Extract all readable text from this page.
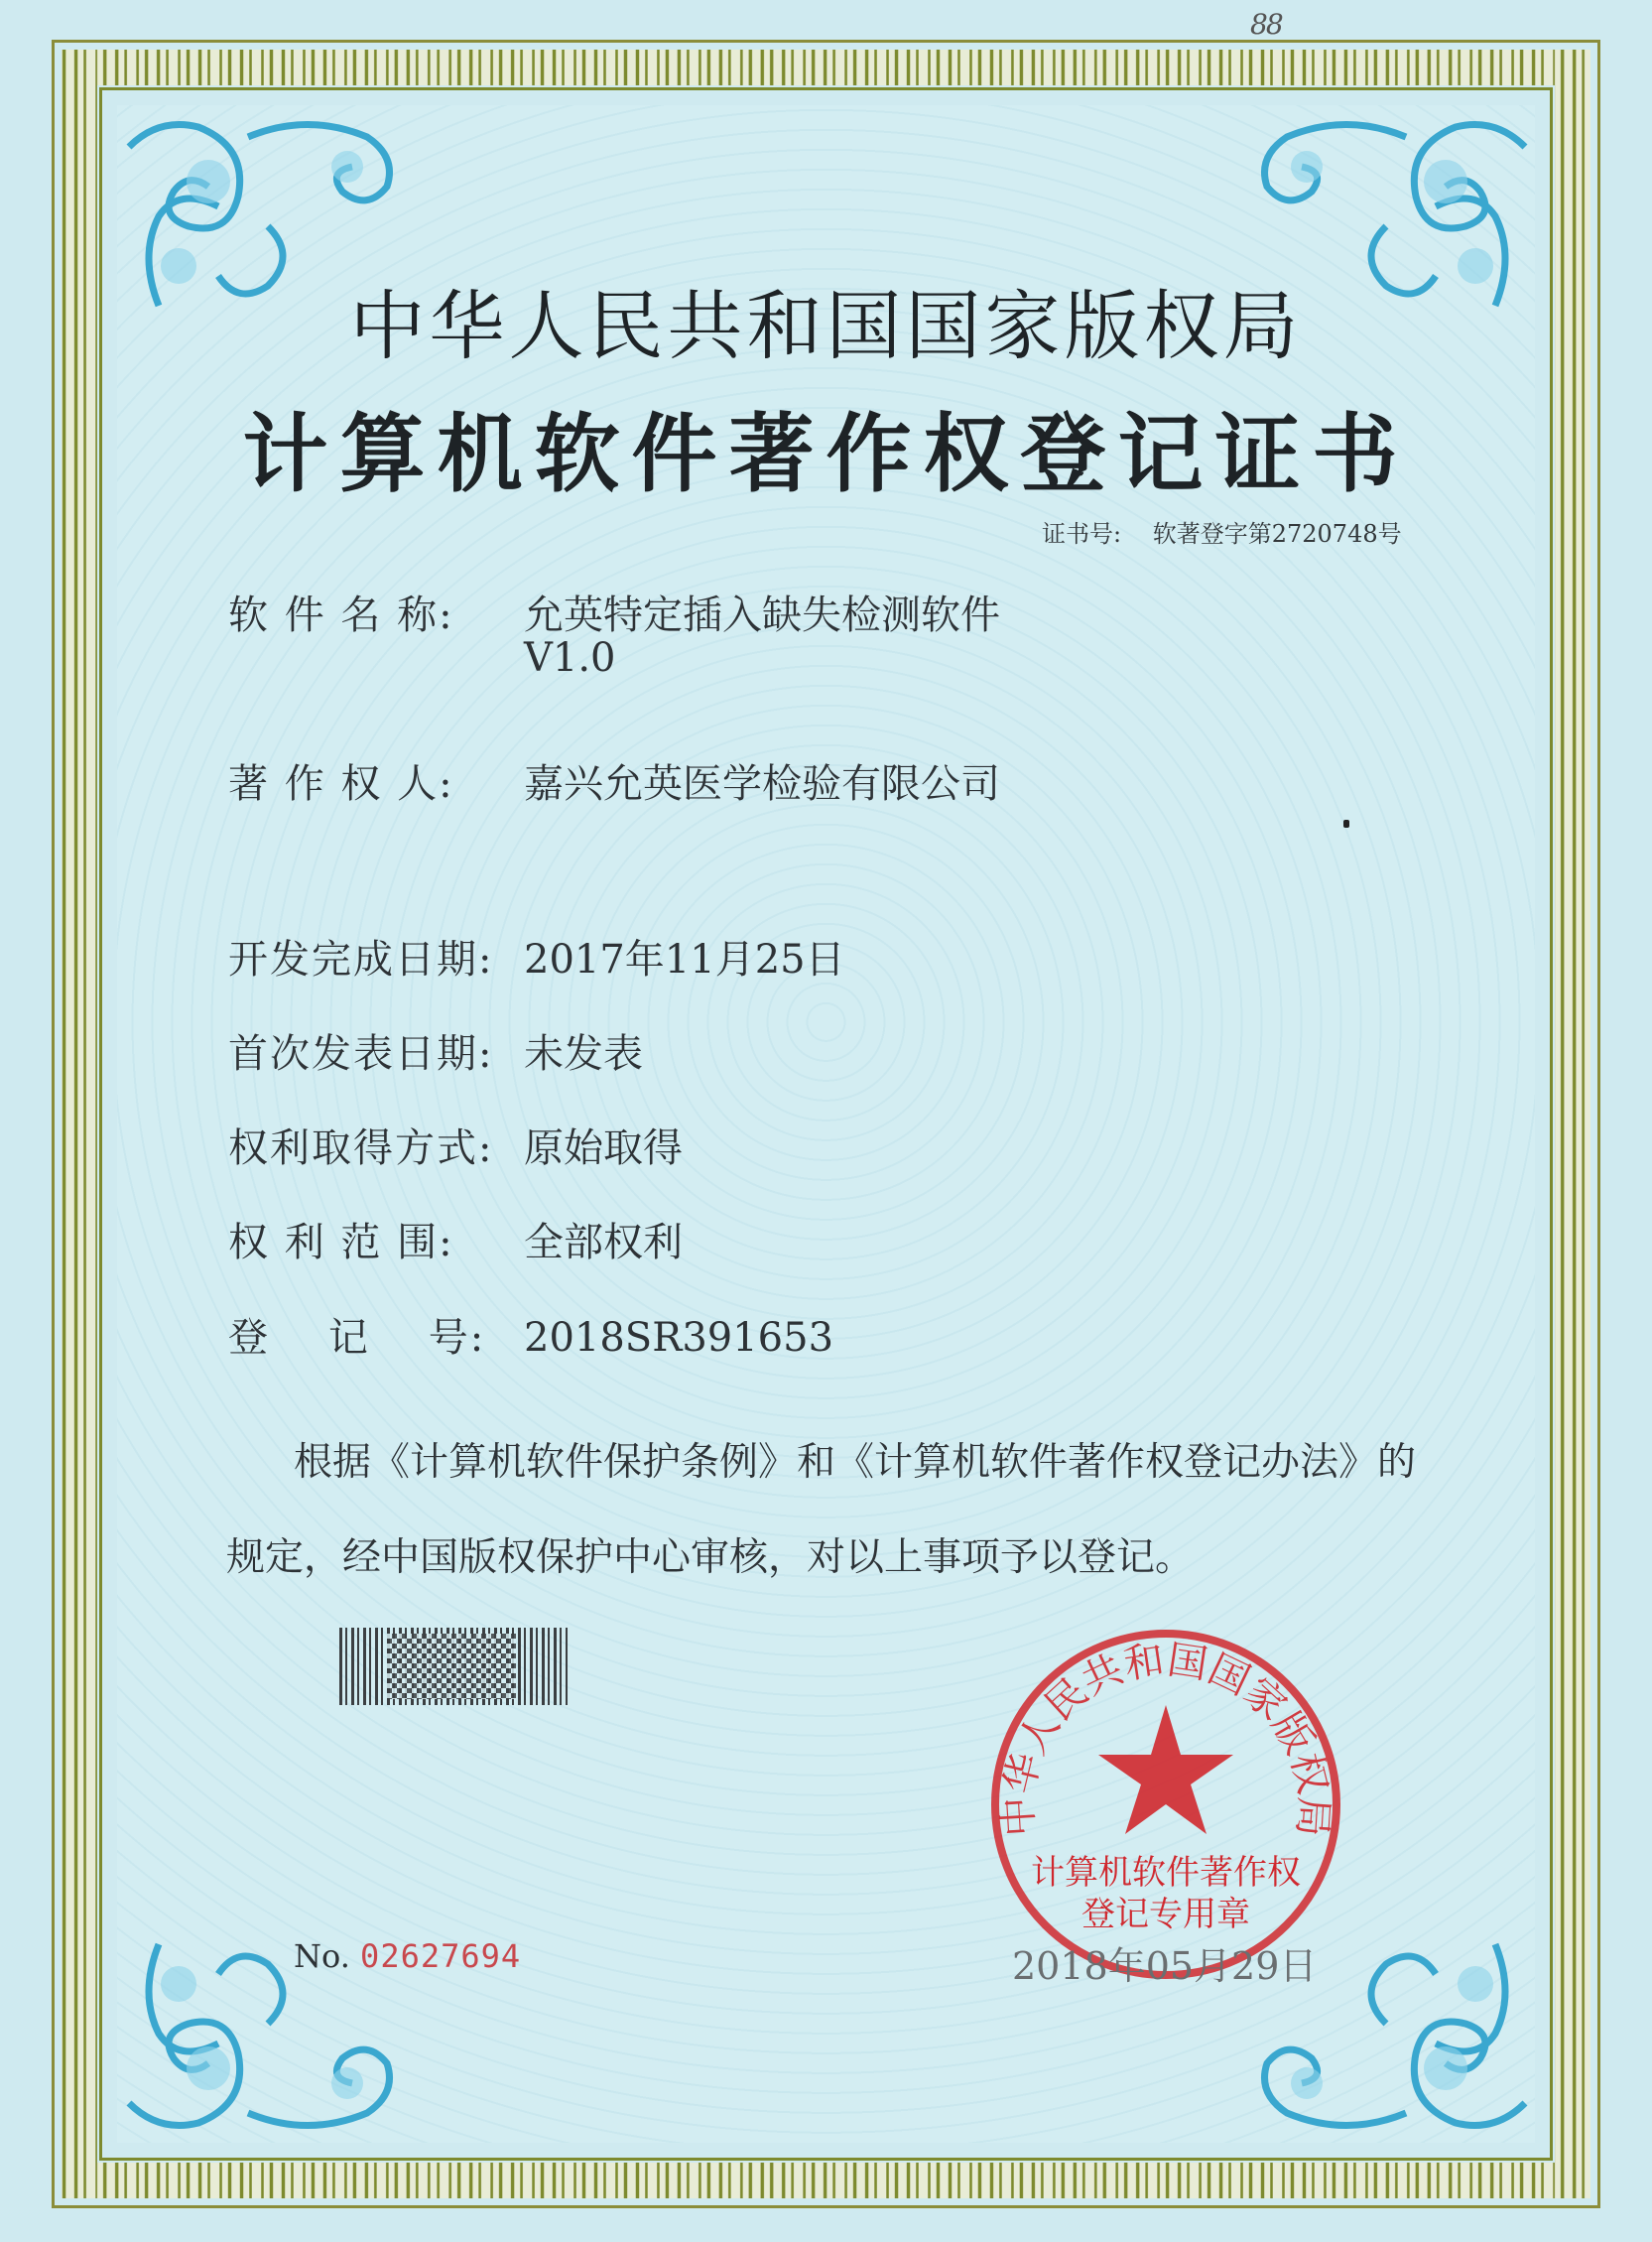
88
中华人民共和国国家版权局
计算机软件著作权登记证书
证书号: 软著登字第2720748号
软 件 名 称: 允英特定插入缺失检测软件
V1.0
著 作 权 人: 嘉兴允英医学检验有限公司
开发完成日期: 2017年11月25日
首次发表日期: 未发表
权利取得方式: 原始取得
权 利 范 围: 全部权利
登    记    号: 2018SR391653
根据《计算机软件保护条例》和《计算机软件著作权登记办法》的
规定，经中国版权保护中心审核，对以上事项予以登记。
中华人民共和国国家版权局
计算机软件著作权
登记专用章
No. 02627694	2018年05月29日
